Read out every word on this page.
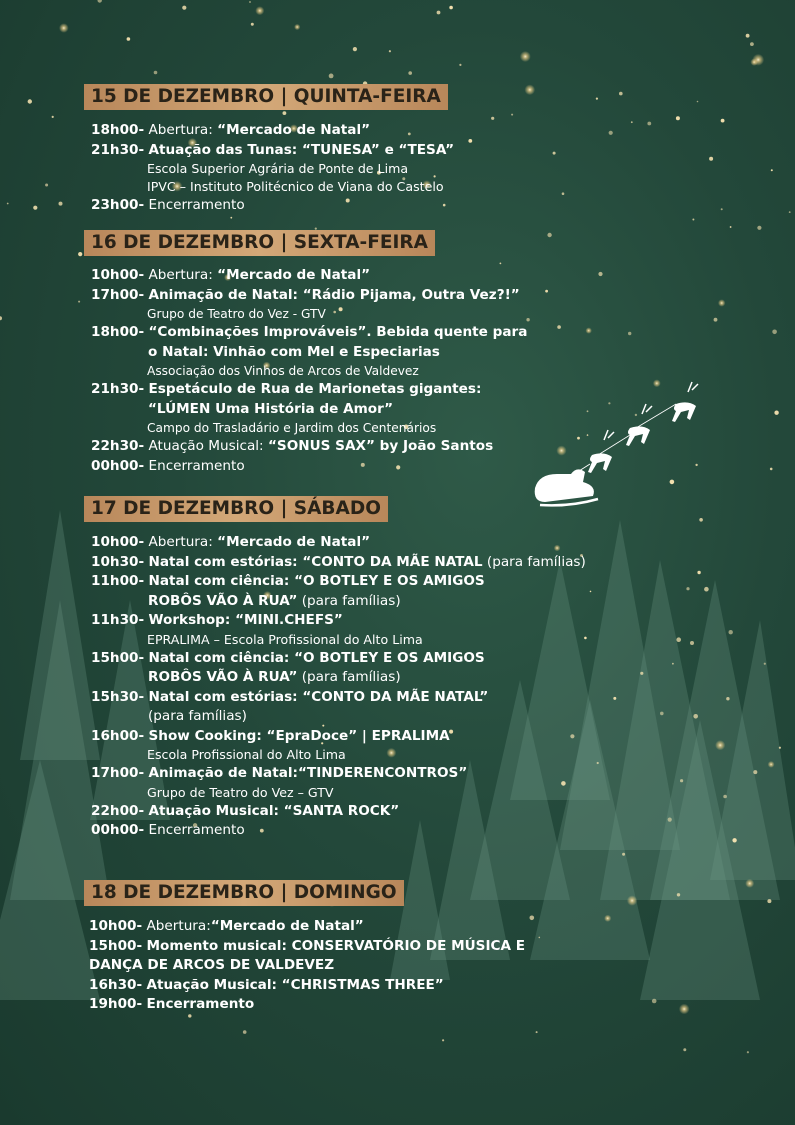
15 DE DEZEMBRO | QUINTA-FEIRA
18h00- Abertura: “Mercado de Natal”
21h30- Atuação das Tunas: “TUNESA” e “TESA”
Escola Superior Agrária de Ponte de Lima
IPVC – Instituto Politécnico de Viana do Castelo
23h00- Encerramento
16 DE DEZEMBRO | SEXTA-FEIRA
10h00- Abertura: “Mercado de Natal”
17h00- Animação de Natal: “Rádio Pijama, Outra Vez?!”
Grupo de Teatro do Vez - GTV
18h00- “Combinações Improváveis”. Bebida quente para
o Natal: Vinhão com Mel e Especiarias
Associação dos Vinhos de Arcos de Valdevez
21h30- Espetáculo de Rua de Marionetas gigantes:
“LÚMEN Uma História de Amor”
Campo do Trasladário e Jardim dos Centenários
22h30- Atuação Musical: “SONUS SAX” by João Santos
00h00- Encerramento
17 DE DEZEMBRO | SÁBADO
10h00- Abertura: “Mercado de Natal”
10h30- Natal com estórias: “CONTO DA MÃE NATAL (para famílias)
11h00- Natal com ciência: “O BOTLEY E OS AMIGOS
ROBÔS VÃO À RUA” (para famílias)
11h30- Workshop: “MINI.CHEFS”
EPRALIMA – Escola Profissional do Alto Lima
15h00- Natal com ciência: “O BOTLEY E OS AMIGOS
ROBÔS VÃO À RUA” (para famílias)
15h30- Natal com estórias: “CONTO DA MÃE NATAL”
(para famílias)
16h00- Show Cooking: “EpraDoce” | EPRALIMA
Escola Profissional do Alto Lima
17h00- Animação de Natal:“TINDERENCONTROS”
Grupo de Teatro do Vez – GTV
22h00- Atuação Musical: “SANTA ROCK”
00h00- Encerramento
18 DE DEZEMBRO | DOMINGO
10h00- Abertura:“Mercado de Natal”
15h00- Momento musical: CONSERVATÓRIO DE MÚSICA E
DANÇA DE ARCOS DE VALDEVEZ
16h30- Atuação Musical: “CHRISTMAS THREE”
19h00- Encerramento
